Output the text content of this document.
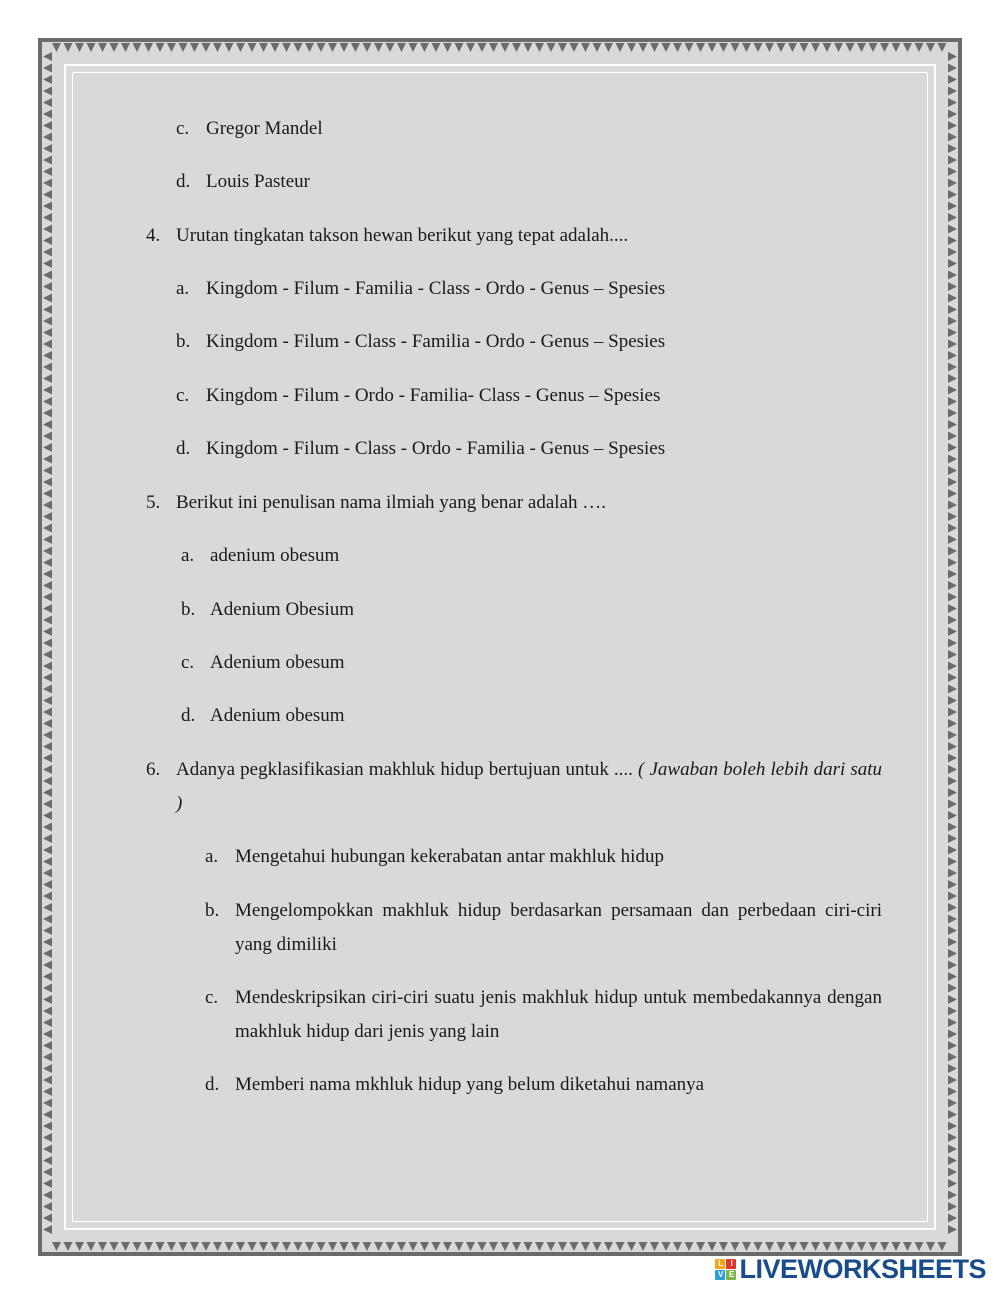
c. Gregor Mandel
d. Louis Pasteur
4. Urutan tingkatan takson hewan berikut yang tepat adalah....
a. Kingdom - Filum - Familia - Class - Ordo - Genus – Spesies
b. Kingdom - Filum - Class - Familia - Ordo - Genus – Spesies
c. Kingdom - Filum - Ordo - Familia- Class - Genus – Spesies
d. Kingdom - Filum - Class - Ordo - Familia - Genus – Spesies
5. Berikut ini penulisan nama ilmiah yang benar adalah ….
a. adenium obesum
b. Adenium Obesium
c. Adenium obesum
d. Adenium obesum
6. Adanya pegklasifikasian makhluk hidup bertujuan untuk .... ( Jawaban boleh lebih dari satu )
a. Mengetahui hubungan kekerabatan antar makhluk hidup
b. Mengelompokkan makhluk hidup berdasarkan persamaan dan perbedaan ciri-ciri yang dimiliki
c. Mendeskripsikan ciri-ciri suatu jenis makhluk hidup untuk membedakannya dengan makhluk hidup dari jenis yang lain
d. Memberi nama mkhluk hidup yang belum diketahui namanya
L I
V E LIVEWORKSHEETS
